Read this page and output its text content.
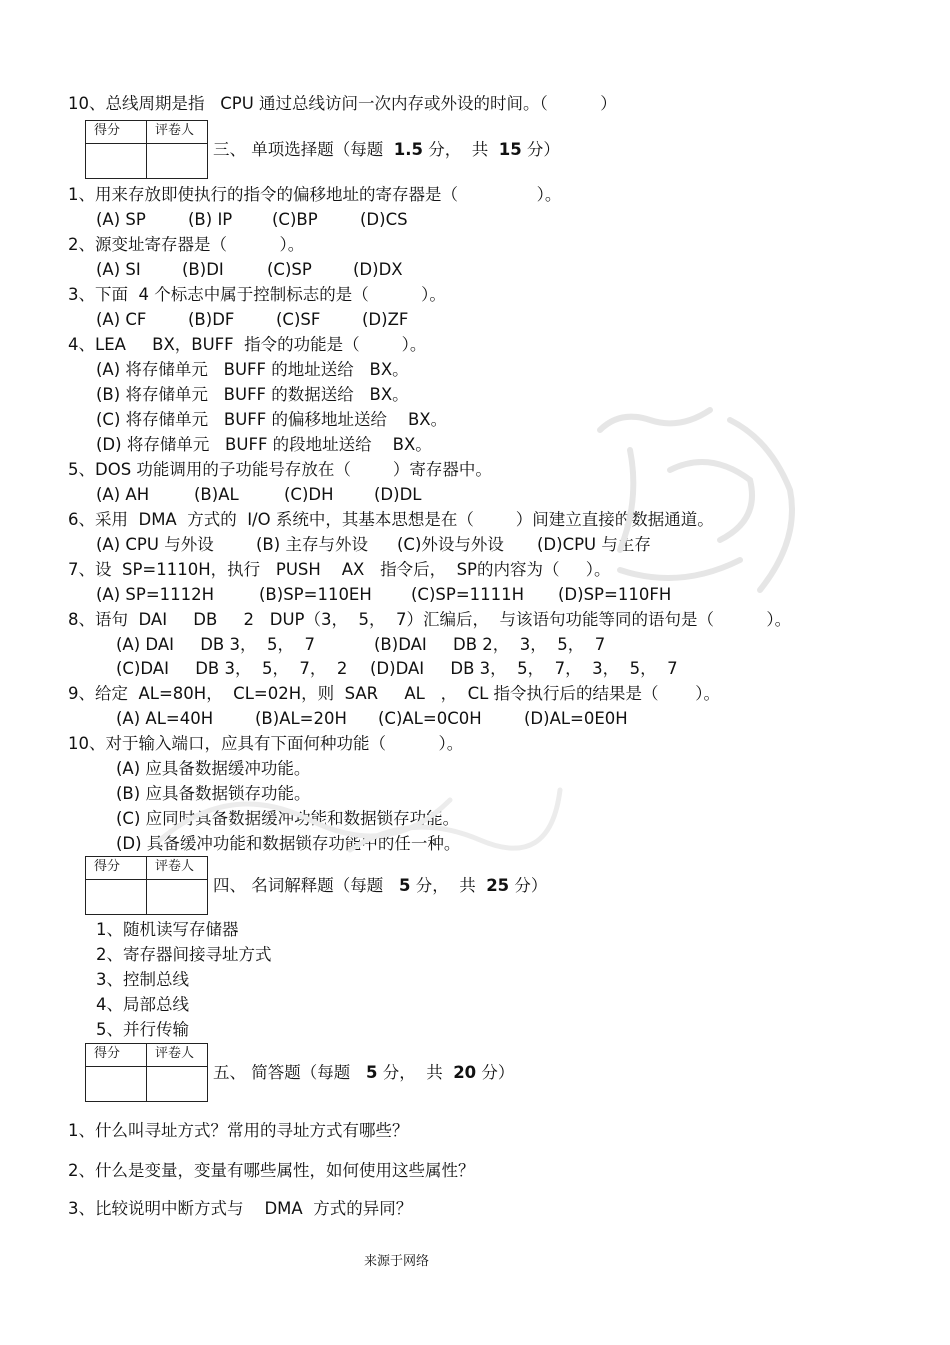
10、总线周期是指   CPU 通过总线访问一次内存或外设的时间。（          ）
得分	评卷人

三、 单项选择题（每题  1.5 分，  共  15 分）
1、用来存放即使执行的指令的偏移地址的寄存器是（               ）。
(A) SP	(B) IP (C)BP	(D)CS
2、源变址寄存器是（          ）。
(A) SI	(B)DI	(C)SP (D)DX
3、下面  4 个标志中属于控制标志的是（          ）。
(A) CF	(B)DF	(C)SF	(D)ZF
4、LEA     BX，BUFF  指令的功能是（        ）。
(A) 将存储单元   BUFF 的地址送给   BX。
(B) 将存储单元   BUFF 的数据送给   BX。
(C) 将存储单元   BUFF 的偏移地址送给    BX。
(D) 将存储单元   BUFF 的段地址送给    BX。
5、DOS 功能调用的子功能号存放在（        ）寄存器中。
(A) AH	(B)AL	(C)DH (D)DL
6、采用  DMA  方式的  I/O 系统中，其基本思想是在（        ）间建立直接的数据通道。
(A) CPU 与外设	(B) 主存与外设 (C)外设与外设 (D)CPU 与主存
7、设  SP=1110H，执行   PUSH    AX   指令后，  SP的内容为（     ）。
(A) SP=1112H	(B)SP=110EH (C)SP=1111H (D)SP=110FH
8、语句  DAI     DB     2   DUP（3，  5，  7）汇编后，  与该语句功能等同的语句是（          ）。
(A) DAI     DB 3，  5，  7	(B)DAI     DB 2，  3，  5，  7
(C)DAI     DB 3，  5，  7，  2 (D)DAI     DB 3，  5，  7，  3，  5，  7
9、给定  AL=80H，  CL=02H，则  SAR     AL   ，  CL 指令执行后的结果是（       ）。
(A) AL=40H	(B)AL=20H (C)AL=0C0H	(D)AL=0E0H
10、对于输入端口，应具有下面何种功能（          ）。
(A) 应具备数据缓冲功能。
(B) 应具备数据锁存功能。
(C) 应同时具备数据缓冲功能和数据锁存功能。
(D) 具备缓冲功能和数据锁存功能中的任一种。
得分	评卷人

四、 名词解释题（每题   5 分，  共  25 分）
1、随机读写存储器
2、寄存器间接寻址方式
3、控制总线
4、局部总线
5、并行传输
得分	评卷人

五、 简答题（每题   5 分，  共  20 分）
1、什么叫寻址方式？常用的寻址方式有哪些？
2、什么是变量，变量有哪些属性，如何使用这些属性？
3、比较说明中断方式与    DMA  方式的异同？
来源于网络
